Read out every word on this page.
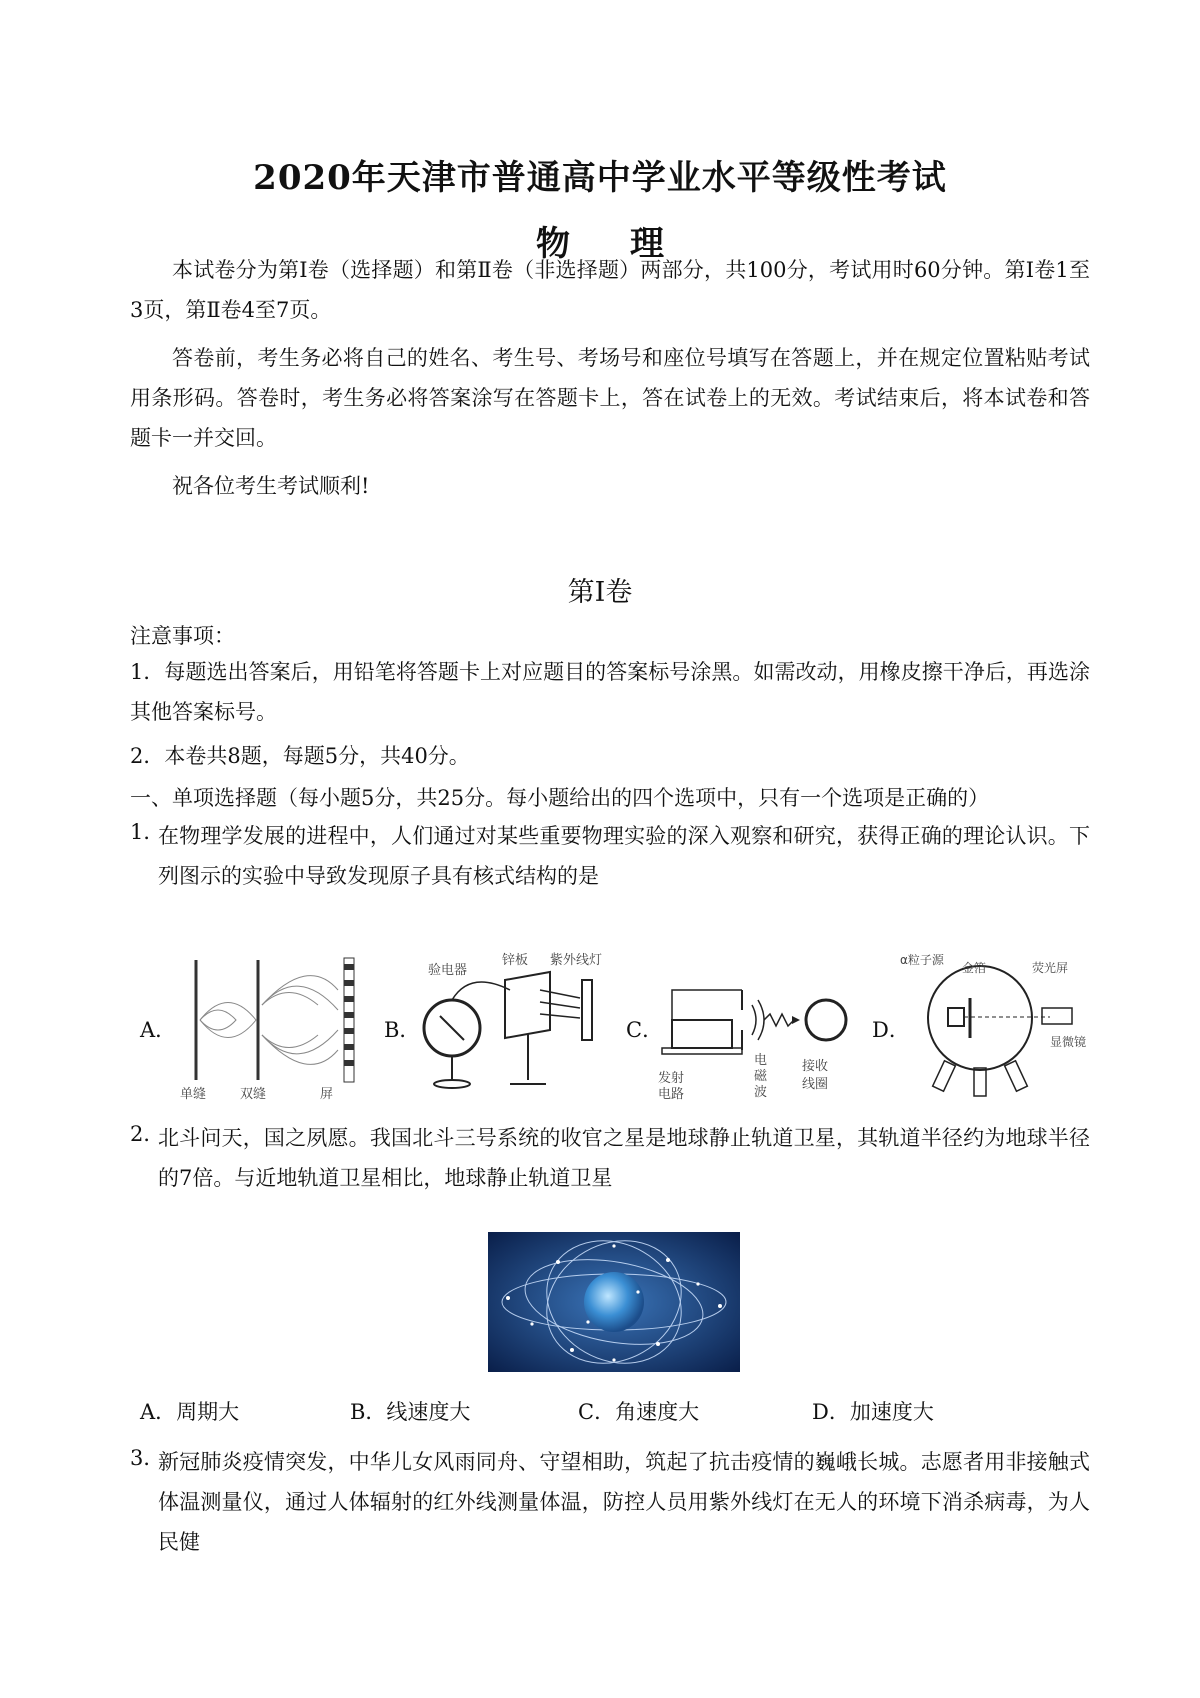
2020年天津市普通高中学业水平等级性考试
物 理
本试卷分为第Ⅰ卷（选择题）和第Ⅱ卷（非选择题）两部分，共100分，考试用时60分钟。第Ⅰ卷1至3页，第Ⅱ卷4至7页。
答卷前，考生务必将自己的姓名、考生号、考场号和座位号填写在答题上，并在规定位置粘贴考试用条形码。答卷时，考生务必将答案涂写在答题卡上，答在试卷上的无效。考试结束后，将本试卷和答题卡一并交回。
祝各位考生考试顺利!
第Ⅰ卷
注意事项：
1．每题选出答案后，用铅笔将答题卡上对应题目的答案标号涂黑。如需改动，用橡皮擦干净后，再选涂其他答案标号。
2．本卷共8题，每题5分，共40分。
一、单项选择题（每小题5分，共25分。每小题给出的四个选项中，只有一个选项是正确的）
1．
在物理学发展的进程中，人们通过对某些重要物理实验的深入观察和研究，获得正确的理论认识。下列图示的实验中导致发现原子具有核式结构的是
A．	B．	C．	D．
单缝	双缝	屏
验电器
锌板 紫外线灯
发射
电路
电
磁
波
接收
线圈
α粒子源
金箔	荧光屏
显微镜
2．
北斗问天，国之夙愿。我国北斗三号系统的收官之星是地球静止轨道卫星，其轨道半径约为地球半径的7倍。与近地轨道卫星相比，地球静止轨道卫星
A．周期大	B．线速度大	C．角速度大	D．加速度大
3．
新冠肺炎疫情突发，中华儿女风雨同舟、守望相助，筑起了抗击疫情的巍峨长城。志愿者用非接触式体温测量仪，通过人体辐射的红外线测量体温，防控人员用紫外线灯在无人的环境下消杀病毒，为人民健
